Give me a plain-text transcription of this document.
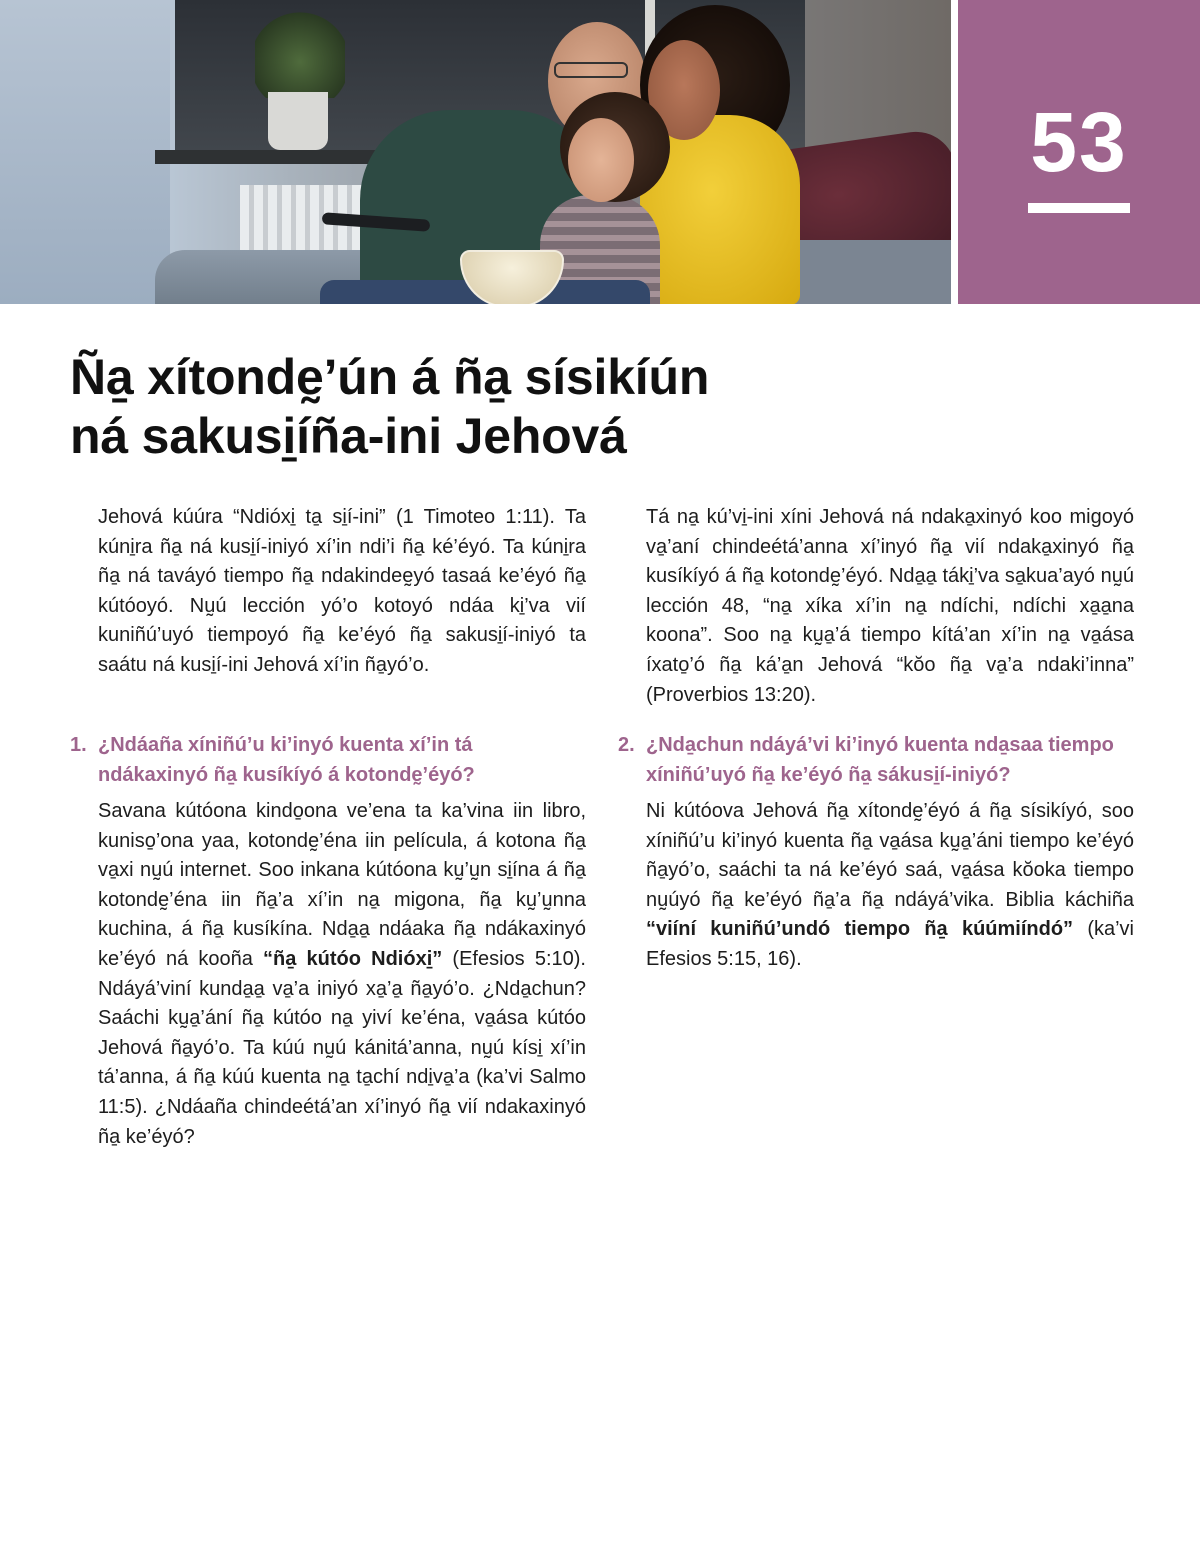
53
Ña̱ xítondḛ’ún á ña̱ sísikíún
ná sakusi̱íña-ini Jehová

Jehová kúúra “Ndióxi̱ ta̱ si̱í-ini” (1 Timoteo 1:11). Ta kúni̱ra ña̱ ná kusi̱í-iniyó xí’in ndi’i ña̱ ké’éyó. Ta kúni̱ra ña̱ ná taváyó tiempo ña̱ ndakindeḛyó tasaá ke’éyó ña̱ kútóoyó. Nṵú lección yó’o kotoyó ndáa ki̱’va vií kuniñú’uyó tiempoyó ña̱ ke’éyó ña̱ sakusi̱í-iniyó ta saátu ná kusi̱í-ini Jehová xí’in ña̱yó’o.

1. ¿Ndáaña xíniñú’u ki’inyó kuenta xí’in tá ndákaxinyó ña̱ kusíkíyó á kotondḛ’éyó?

Savana kútóona kindo̱ona ve’ena ta ka’vina iin libro, kuniso̱’ona yaa, kotondḛ’éna iin película, á kotona ña̱ va̱xi nṵú internet. Soo inkana kútóona kṵ’ṵn si̱ína á ña̱ kotondḛ’éna iin ña̱’a xí’in na̱ migona, ña̱ kṵ’ṵnna kuchina, á ña̱ kusíkína. Nda̱a̱ ndáaka ña̱ ndákaxinyó ke’éyó ná kooña “ña̱ kútóo Ndióxi̱” (Efesios 5:10). Ndáyá’viní kunda̱a̱ va̱’a iniyó xa̱’a̱ ña̱yó’o. ¿Nda̱chun? Saáchi kṵa̱’ání ña̱ kútóo na̱ yiví ke’éna, va̱ása kútóo Jehová ña̱yó’o. Ta kúú nṵú kánitá’anna, nṵú kísi̱ xí’in tá’anna, á ña̱ kúú kuenta na̱ ta̱chí ndi̱va̱’a (ka’vi Salmo 11:5). ¿Ndáaña chindeétá’an xí’inyó ña̱ vií ndakaxinyó ña̱ ke’éyó?

Tá na̱ kú’vi̱-ini xíni Jehová ná ndaka̱xinyó koo migoyó va̱’aní chindeétá’anna xí’inyó ña̱ vií ndaka̱xinyó ña̱ kusíkíyó á ña̱ kotondḛ’éyó. Nda̱a̱ táki̱’va sa̱kua’ayó nṵú lección 48, “na̱ xíka xí’in na̱ ndíchi, ndíchi xa̱a̱na koona”. Soo na̱ kṵa̱’á tiempo kítá’an xí’in na̱ va̱ása íxato̱’ó ña̱ ká’a̱n Jehová “kŏo ña̱ va̱’a ndaki’inna” (Proverbios 13:20).

2. ¿Nda̱chun ndáyá’vi ki’inyó kuenta nda̱saa tiempo xíniñú’uyó ña̱ ke’éyó ña̱ sákusi̱í-iniyó?

Ni kútóova Jehová ña̱ xítondḛ’éyó á ña̱ sísikíyó, soo xíniñú’u ki’inyó kuenta ña̱ va̱ása kṵa̱’áni tiempo ke’éyó ña̱yó’o, saáchi ta ná ke’éyó saá, va̱ása kŏoka tiempo nṵúyó ña̱ ke’éyó ña̱’a ña̱ ndáyá’vika. Biblia káchiña “viíní kuniñú’undó tiempo ña̱ kúúmiíndó” (ka’vi Efesios 5:15, 16).
